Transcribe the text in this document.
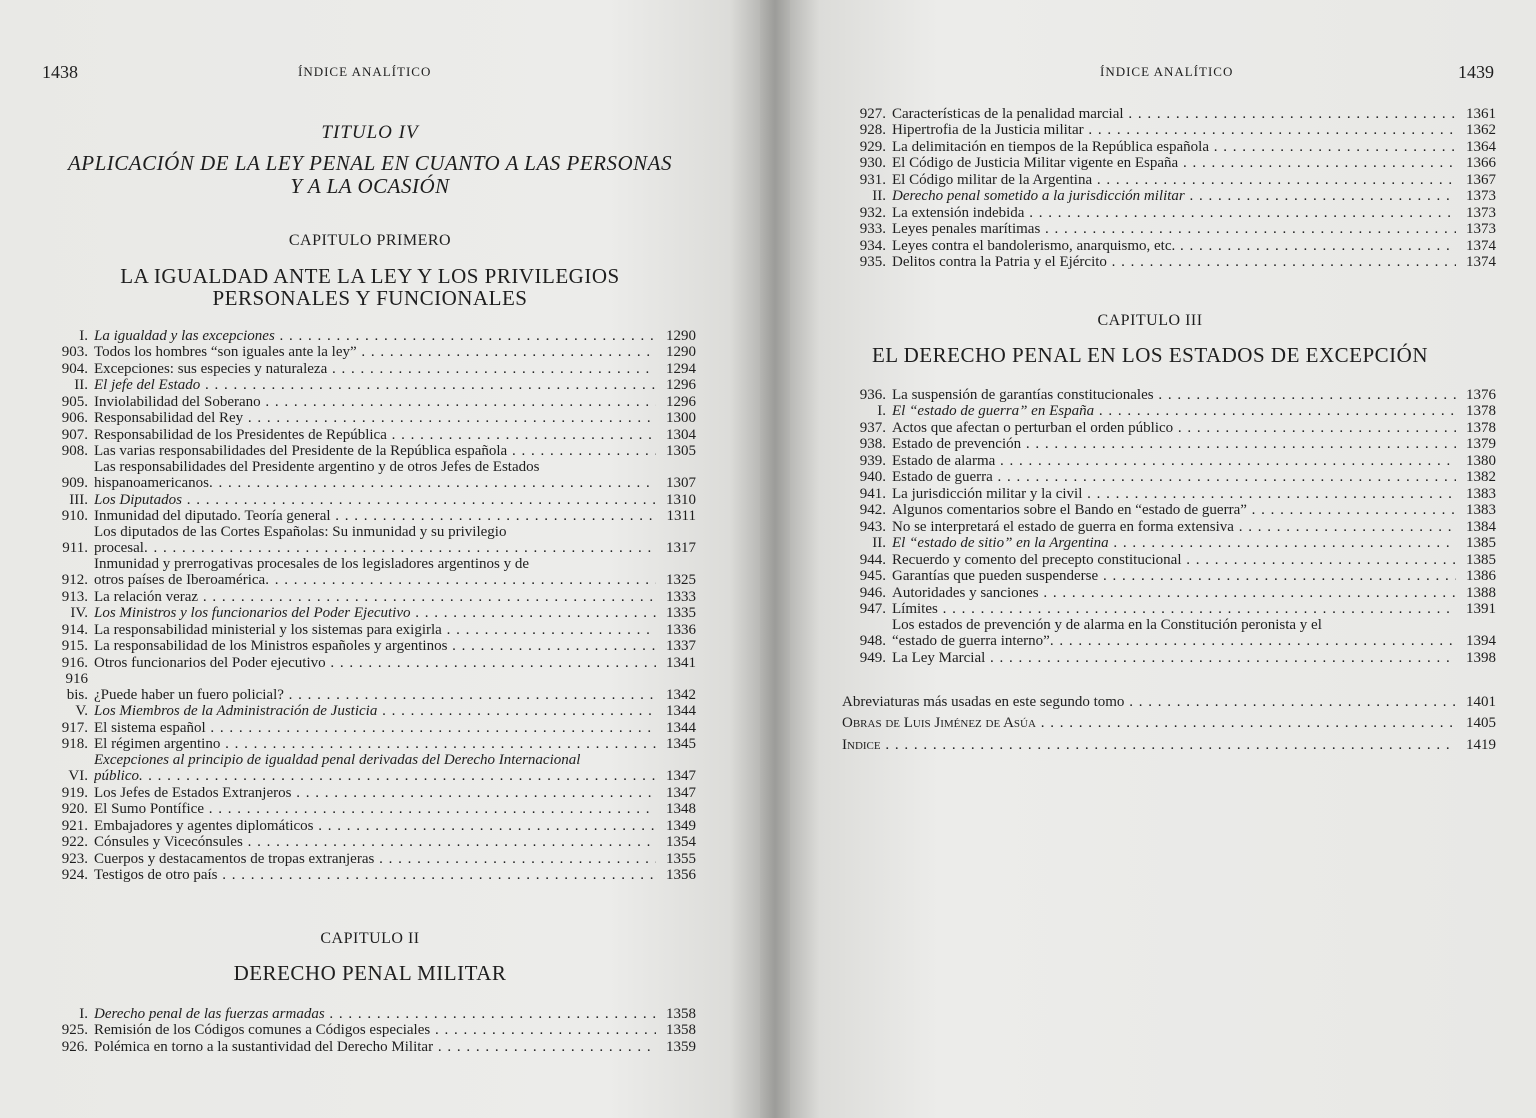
1438	ÍNDICE ANALÍTICO
TITULO IV
APLICACIÓN DE LA LEY PENAL EN CUANTO A LAS PERSONAS
Y A LA OCASIÓN
CAPITULO PRIMERO
LA IGUALDAD ANTE LA LEY Y LOS PRIVILEGIOS
PERSONALES Y FUNCIONALES
I. La igualdad y las excepciones . . .	1290
903. Todos los hombres “son iguales ante la ley” . . .	1290
904. Excepciones: sus especies y naturaleza . . .	1294
II. El jefe del Estado . . .	1296
905. Inviolabilidad del Soberano . . .	1296
906. Responsabilidad del Rey . . .	1300
907. Responsabilidad de los Presidentes de República . . .	1304
908. Las varias responsabilidades del Presidente de la República española . . .	1305
909.
Las responsabilidades del Presidente argentino y de otros Jefes de Estados
hispanoamericanos . . .	1307
III. Los Diputados . . .	1310
910. Inmunidad del diputado. Teoría general . . .	1311
911.
Los diputados de las Cortes Españolas: Su inmunidad y su privilegio
procesal . . .	1317
912.
Inmunidad y prerrogativas procesales de los legisladores argentinos y de
otros países de Iberoamérica . . .	1325
913. La relación veraz . . .	1333
IV. Los Ministros y los funcionarios del Poder Ejecutivo . . .	1335
914. La responsabilidad ministerial y los sistemas para exigirla . . .	1336
915. La responsabilidad de los Ministros españoles y argentinos . . .	1337
916. Otros funcionarios del Poder ejecutivo . . .	1341
916 bis. ¿Puede haber un fuero policial? . . .	1342
V. Los Miembros de la Administración de Justicia . . .	1344
917. El sistema español . . .	1344
918. El régimen argentino . . .	1345
VI.
Excepciones al principio de igualdad penal derivadas del Derecho Internacional
público . . .	1347
919. Los Jefes de Estados Extranjeros . . .	1347
920. El Sumo Pontífice . . .	1348
921. Embajadores y agentes diplomáticos . . .	1349
922. Cónsules y Vicecónsules . . .	1354
923. Cuerpos y destacamentos de tropas extranjeras . . .	1355
924. Testigos de otro país . . .	1356
CAPITULO II
DERECHO PENAL MILITAR
I. Derecho penal de las fuerzas armadas . . .	1358
925. Remisión de los Códigos comunes a Códigos especiales . . .	1358
926. Polémica en torno a la sustantividad del Derecho Militar . . .	1359
ÍNDICE ANALÍTICO	1439
927. Características de la penalidad marcial . . .	1361
928. Hipertrofia de la Justicia militar . . .	1362
929. La delimitación en tiempos de la República española . . .	1364
930. El Código de Justicia Militar vigente en España . . .	1366
931. El Código militar de la Argentina . . .	1367
II. Derecho penal sometido a la jurisdicción militar . . .	1373
932. La extensión indebida . . .	1373
933. Leyes penales marítimas . . .	1373
934. Leyes contra el bandolerismo, anarquismo, etc. . . .	1374
935. Delitos contra la Patria y el Ejército . . .	1374
CAPITULO III
EL DERECHO PENAL EN LOS ESTADOS DE EXCEPCIÓN
936. La suspensión de garantías constitucionales . . .	1376
I. El “estado de guerra” en España . . .	1378
937. Actos que afectan o perturban el orden público . . .	1378
938. Estado de prevención . . .	1379
939. Estado de alarma . . .	1380
940. Estado de guerra . . .	1382
941. La jurisdicción militar y la civil . . .	1383
942. Algunos comentarios sobre el Bando en “estado de guerra” . . .	1383
943. No se interpretará el estado de guerra en forma extensiva . . .	1384
II. El “estado de sitio” en la Argentina . . .	1385
944. Recuerdo y comento del precepto constitucional . . .	1385
945. Garantías que pueden suspenderse . . .	1386
946. Autoridades y sanciones . . .	1388
947. Límites . . .	1391
948.
Los estados de prevención y de alarma en la Constitución peronista y el
“estado de guerra interno” . . .	1394
949. La Ley Marcial . . .	1398
Abreviaturas más usadas en este segundo tomo . . .	1401
Obras de Luis Jiménez de Asúa . . .	1405
Indice . . .	1419
